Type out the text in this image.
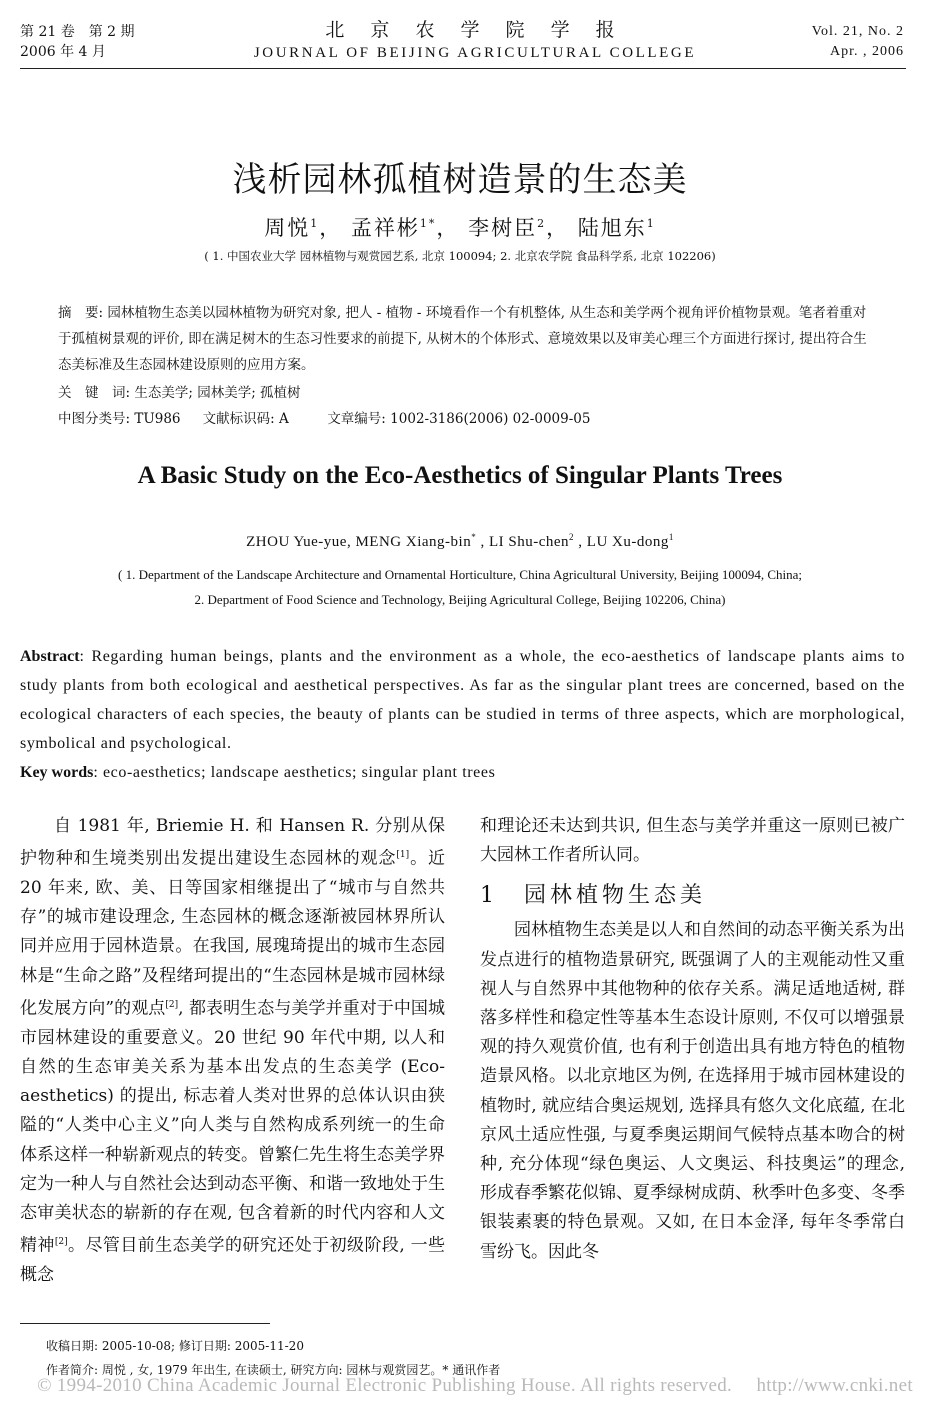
第 21 卷　第 2 期
2006 年 4 月
北 京 农 学 院 学 报
JOURNAL OF BEIJING AGRICULTURAL COLLEGE
Vol. 21, No. 2
Apr. , 2006
浅析园林孤植树造景的生态美
周悦$^1$， 孟祥彬$^{1*}$， 李树臣$^2$， 陆旭东$^1$
( 1. 中国农业大学 园林植物与观赏园艺系, 北京 100094; 2. 北京农学院 食品科学系, 北京 102206)

摘　要: 园林植物生态美以园林植物为研究对象, 把人 - 植物 - 环境看作一个有机整体, 从生态和美学两个视角评价植物景观。笔者着重对于孤植树景观的评价, 即在满足树木的生态习性要求的前提下, 从树木的个体形式、意境效果以及审美心理三个方面进行探讨, 提出符合生态美标准及生态园林建设原则的应用方案。

关　键　词: 生态美学; 园林美学; 孤植树
中图分类号: TU986 文献标识码: A	文章编号: 1002-3186(2006) 02-0009-05
A Basic Study on the Eco-Aesthetics of Singular Plants Trees
ZHOU Yue-yue, MENG Xiang-bin* , LI Shu-chen$^2$ , LU Xu-dong$^1$
( 1. Department of the Landscape Architecture and Ornamental Horticulture, China Agricultural University, Beijing 100094, China;
2. Department of Food Science and Technology, Beijing Agricultural College, Beijing 102206, China)

Abstract: Regarding human beings, plants and the environment as a whole, the eco-aesthetics of landscape plants aims to study plants from both ecological and aesthetical perspectives. As far as the singular plant trees are concerned, based on the ecological characters of each species, the beauty of plants can be studied in terms of three aspects, which are morphological, symbolical and psychological.

Key words: eco-aesthetics; landscape aesthetics; singular plant trees

自 1981 年, Briemie H. 和 Hansen R. 分别从保护物种和生境类别出发提出建设生态园林的观念[1]。近 20 年来, 欧、美、日等国家相继提出了“城市与自然共存”的城市建设理念, 生态园林的概念逐渐被园林界所认同并应用于园林造景。在我国, 展瑰琦提出的城市生态园林是“生命之路”及程绪珂提出的“生态园林是城市园林绿化发展方向”的观点[2], 都表明生态与美学并重对于中国城市园林建设的重要意义。20 世纪 90 年代中期, 以人和自然的生态审美关系为基本出发点的生态美学 (Eco-aesthetics) 的提出, 标志着人类对世界的总体认识由狭隘的“人类中心主义”向人类与自然构成系列统一的生命体系这样一种崭新观点的转变。曾繁仁先生将生态美学界定为一种人与自然社会达到动态平衡、和谐一致地处于生态审美状态的崭新的存在观, 包含着新的时代内容和人文精神[2]。尽管目前生态美学的研究还处于初级阶段, 一些概念

和理论还未达到共识, 但生态与美学并重这一原则已被广大园林工作者所认同。

1　 园林植物生态美

园林植物生态美是以人和自然间的动态平衡关系为出发点进行的植物造景研究, 既强调了人的主观能动性又重视人与自然界中其他物种的依存关系。满足适地适树, 群落多样性和稳定性等基本生态设计原则, 不仅可以增强景观的持久观赏价值, 也有利于创造出具有地方特色的植物造景风格。以北京地区为例, 在选择用于城市园林建设的植物时, 就应结合奥运规划, 选择具有悠久文化底蕴, 在北京风土适应性强, 与夏季奥运期间气候特点基本吻合的树种, 充分体现“绿色奥运、人文奥运、科技奥运”的理念, 形成春季繁花似锦、夏季绿树成荫、秋季叶色多变、冬季银装素裹的特色景观。又如, 在日本金泽, 每年冬季常白雪纷飞。因此冬

收稿日期: 2005-10-08; 修订日期: 2005-11-20
作者简介: 周悦 , 女, 1979 年出生, 在读硕士, 研究方向: 园林与观赏园艺。* 通讯作者
© 1994-2010 China Academic Journal Electronic Publishing House. All rights reserved.　 http://www.cnki.net
